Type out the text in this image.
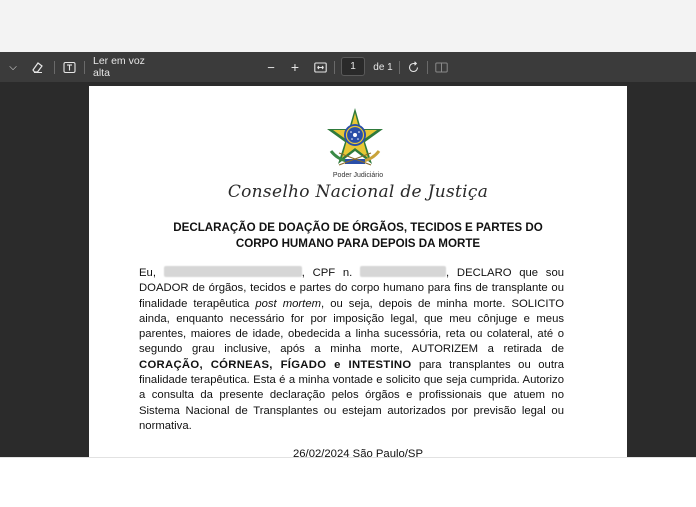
⌵	Ler em voz alta	− +	1	de 1
Poder Judiciário
Conselho Nacional de Justiça
DECLARAÇÃO DE DOAÇÃO DE ÓRGÃOS, TECIDOS E PARTES DO
CORPO HUMANO PARA DEPOIS DA MORTE
Eu,	, CPF n.	, DECLARO que sou DOADOR de órgãos, tecidos e partes do corpo humano para fins de transplante ou finalidade terapêutica post mortem, ou seja, depois de minha morte. SOLICITO ainda, enquanto necessário for por imposição legal, que meu cônjuge e meus parentes, maiores de idade, obedecida a linha sucessória, reta ou colateral, até o segundo grau inclusive, após a minha morte, AUTORIZEM a retirada de CORAÇÃO, CÓRNEAS, FÍGADO e INTESTINO para transplantes ou outra finalidade terapêutica. Esta é a minha vontade e solicito que seja cumprida. Autorizo a consulta da presente declaração pelos órgãos e profissionais que atuem no Sistema Nacional de Transplantes ou estejam autorizados por previsão legal ou normativa.
26/02/2024 São Paulo/SP
